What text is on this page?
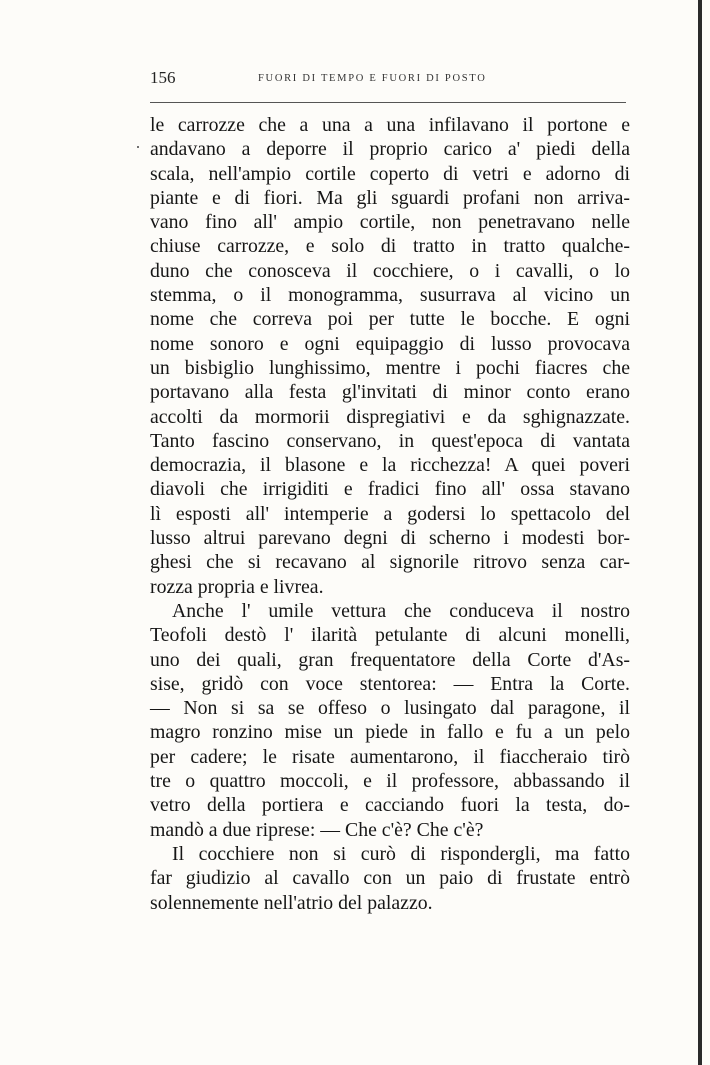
156	FUORI DI TEMPO E FUORI DI POSTO
le carrozze che a una a una infilavano il portone e
andavano a deporre il proprio carico a' piedi della
scala, nell'ampio cortile coperto di vetri e adorno di
piante e di fiori. Ma gli sguardi profani non arriva-
vano fino all' ampio cortile, non penetravano nelle
chiuse carrozze, e solo di tratto in tratto qualche-
duno che conosceva il cocchiere, o i cavalli, o lo
stemma, o il monogramma, susurrava al vicino un
nome che correva poi per tutte le bocche. E ogni
nome sonoro e ogni equipaggio di lusso provocava
un bisbiglio lunghissimo, mentre i pochi fiacres che
portavano alla festa gl'invitati di minor conto erano
accolti da mormorii dispregiativi e da sghignazzate.
Tanto fascino conservano, in quest'epoca di vantata
democrazia, il blasone e la ricchezza! A quei poveri
diavoli che irrigiditi e fradici fino all' ossa stavano
lì esposti all' intemperie a godersi lo spettacolo del
lusso altrui parevano degni di scherno i modesti bor-
ghesi che si recavano al signorile ritrovo senza car-
rozza propria e livrea.
Anche l' umile vettura che conduceva il nostro
Teofoli destò l' ilarità petulante di alcuni monelli,
uno dei quali, gran frequentatore della Corte d'As-
sise, gridò con voce stentorea: — Entra la Corte.
— Non si sa se offeso o lusingato dal paragone, il
magro ronzino mise un piede in fallo e fu a un pelo
per cadere; le risate aumentarono, il fiaccheraio tirò
tre o quattro moccoli, e il professore, abbassando il
vetro della portiera e cacciando fuori la testa, do-
mandò a due riprese: — Che c'è? Che c'è?
Il cocchiere non si curò di rispondergli, ma fatto
far giudizio al cavallo con un paio di frustate entrò
solennemente nell'atrio del palazzo.
